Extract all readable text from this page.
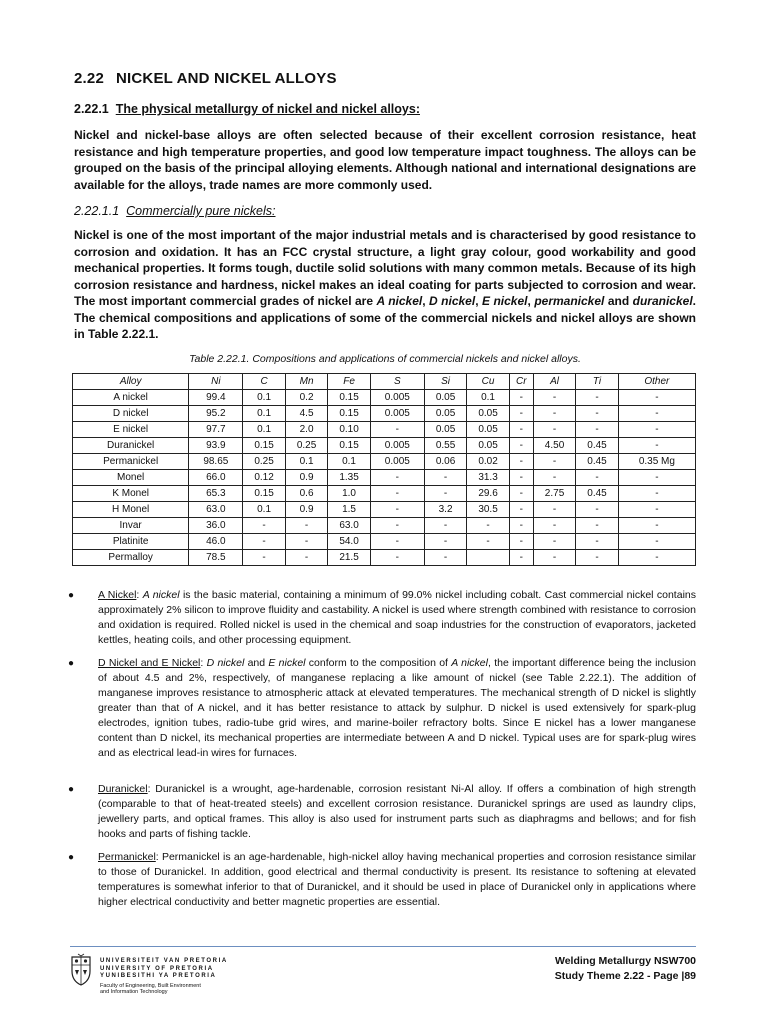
2.22 NICKEL AND NICKEL ALLOYS
2.22.1 The physical metallurgy of nickel and nickel alloys:
Nickel and nickel-base alloys are often selected because of their excellent corrosion resistance, heat resistance and high temperature properties, and good low temperature impact toughness. The alloys can be grouped on the basis of the principal alloying elements. Although national and international designations are available for the alloys, trade names are more commonly used.
2.22.1.1 Commercially pure nickels:
Nickel is one of the most important of the major industrial metals and is characterised by good resistance to corrosion and oxidation. It has an FCC crystal structure, a light gray colour, good workability and good mechanical properties. It forms tough, ductile solid solutions with many common metals. Because of its high corrosion resistance and hardness, nickel makes an ideal coating for parts subjected to corrosion and wear. The most important commercial grades of nickel are A nickel, D nickel, E nickel, permanickel and duranickel. The chemical compositions and applications of some of the commercial nickels and nickel alloys are shown in Table 2.22.1.
Table 2.22.1. Compositions and applications of commercial nickels and nickel alloys.
Alloy	Ni	C	Mn	Fe	S	Si	Cu	Cr	Al	Ti	Other
A nickel	99.4	0.1	0.2	0.15	0.005	0.05	0.1	-	-	-	-
D nickel	95.2	0.1	4.5	0.15	0.005	0.05	0.05	-	-	-	-
E nickel	97.7	0.1	2.0	0.10	-	0.05	0.05	-	-	-	-
Duranickel	93.9	0.15	0.25	0.15	0.005	0.55	0.05	-	4.50	0.45	-
Permanickel	98.65	0.25	0.1	0.1	0.005	0.06	0.02	-	-	0.45	0.35 Mg
Monel	66.0	0.12	0.9	1.35	-	-	31.3	-	-	-	-
K Monel	65.3	0.15	0.6	1.0	-	-	29.6	-	2.75	0.45	-
H Monel	63.0	0.1	0.9	1.5	-	3.2	30.5	-	-	-	-
Invar	36.0	-	-	63.0	-	-	-	-	-	-	-
Platinite	46.0	-	-	54.0	-	-	-	-	-	-	-
Permalloy	78.5	-	-	21.5	-	-		-	-	-	-
● A Nickel: A nickel is the basic material, containing a minimum of 99.0% nickel including cobalt. Cast commercial nickel contains approximately 2% silicon to improve fluidity and castability. A nickel is used where strength combined with resistance to corrosion and oxidation is required. Rolled nickel is used in the chemical and soap industries for the construction of evaporators, jacketed kettles, heating coils, and other processing equipment.
● D Nickel and E Nickel: D nickel and E nickel conform to the composition of A nickel, the important difference being the inclusion of about 4.5 and 2%, respectively, of manganese replacing a like amount of nickel (see Table 2.22.1). The addition of manganese improves resistance to atmospheric attack at elevated temperatures. The mechanical strength of D nickel is slightly greater than that of A nickel, and it has better resistance to attack by sulphur. D nickel is used extensively for spark-plug electrodes, ignition tubes, radio-tube grid wires, and marine-boiler refractory bolts. Since E nickel has a lower manganese content than D nickel, its mechanical properties are intermediate between A and D nickel. Typical uses are for spark-plug wires and as electrical lead-in wires for furnaces.
● Duranickel: Duranickel is a wrought, age-hardenable, corrosion resistant Ni-Al alloy. If offers a combination of high strength (comparable to that of heat-treated steels) and excellent corrosion resistance. Duranickel springs are used as laundry clips, jewellery parts, and optical frames. This alloy is also used for instrument parts such as diaphragms and bellows; and for fish hooks and parts of fishing tackle.
● Permanickel: Permanickel is an age-hardenable, high-nickel alloy having mechanical properties and corrosion resistance similar to those of Duranickel. In addition, good electrical and thermal conductivity is present. Its resistance to softening at elevated temperatures is somewhat inferior to that of Duranickel, and it should be used in place of Duranickel only in applications where higher electrical conductivity and better magnetic properties are essential.
UNIVERSITEIT VAN PRETORIA
UNIVERSITY OF PRETORIA
YUNIBESITHI YA PRETORIA
Faculty of Engineering, Built Environment and Information Technology
Welding Metallurgy NSW700
Study Theme 2.22 - Page |89
